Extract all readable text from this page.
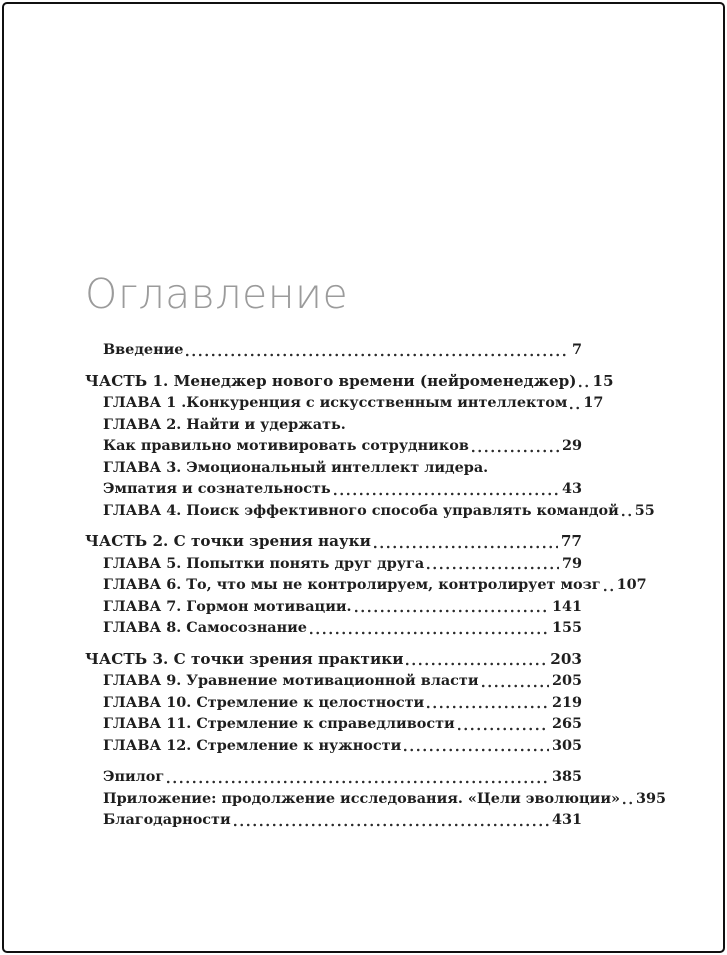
Оглавление
Введение	7
ЧАСТЬ 1. Менеджер нового времени (нейроменеджер) 15
ГЛАВА 1 .Конкуренция с искусственным интеллектом 17
ГЛАВА 2. Найти и удержать.
Как правильно мотивировать сотрудников	29
ГЛАВА 3. Эмоциональный интеллект лидера.
Эмпатия и сознательность	43
ГЛАВА 4. Поиск эффективного способа управлять командой 55
ЧАСТЬ 2. С точки зрения науки	77
ГЛАВА 5. Попытки понять друг друга	79
ГЛАВА 6. То, что мы не контролируем, контролирует мозг 107
ГЛАВА 7. Гормон мотивации.	141
ГЛАВА 8. Самосознание	155
ЧАСТЬ 3. С точки зрения практики	203
ГЛАВА 9. Уравнение мотивационной власти	205
ГЛАВА 10. Стремление к целостности	219
ГЛАВА 11. Стремление к справедливости	265
ГЛАВА 12. Стремление к нужности	305
Эпилог	385
Приложение: продолжение исследования. «Цели эволюции» 395
Благодарности	431
